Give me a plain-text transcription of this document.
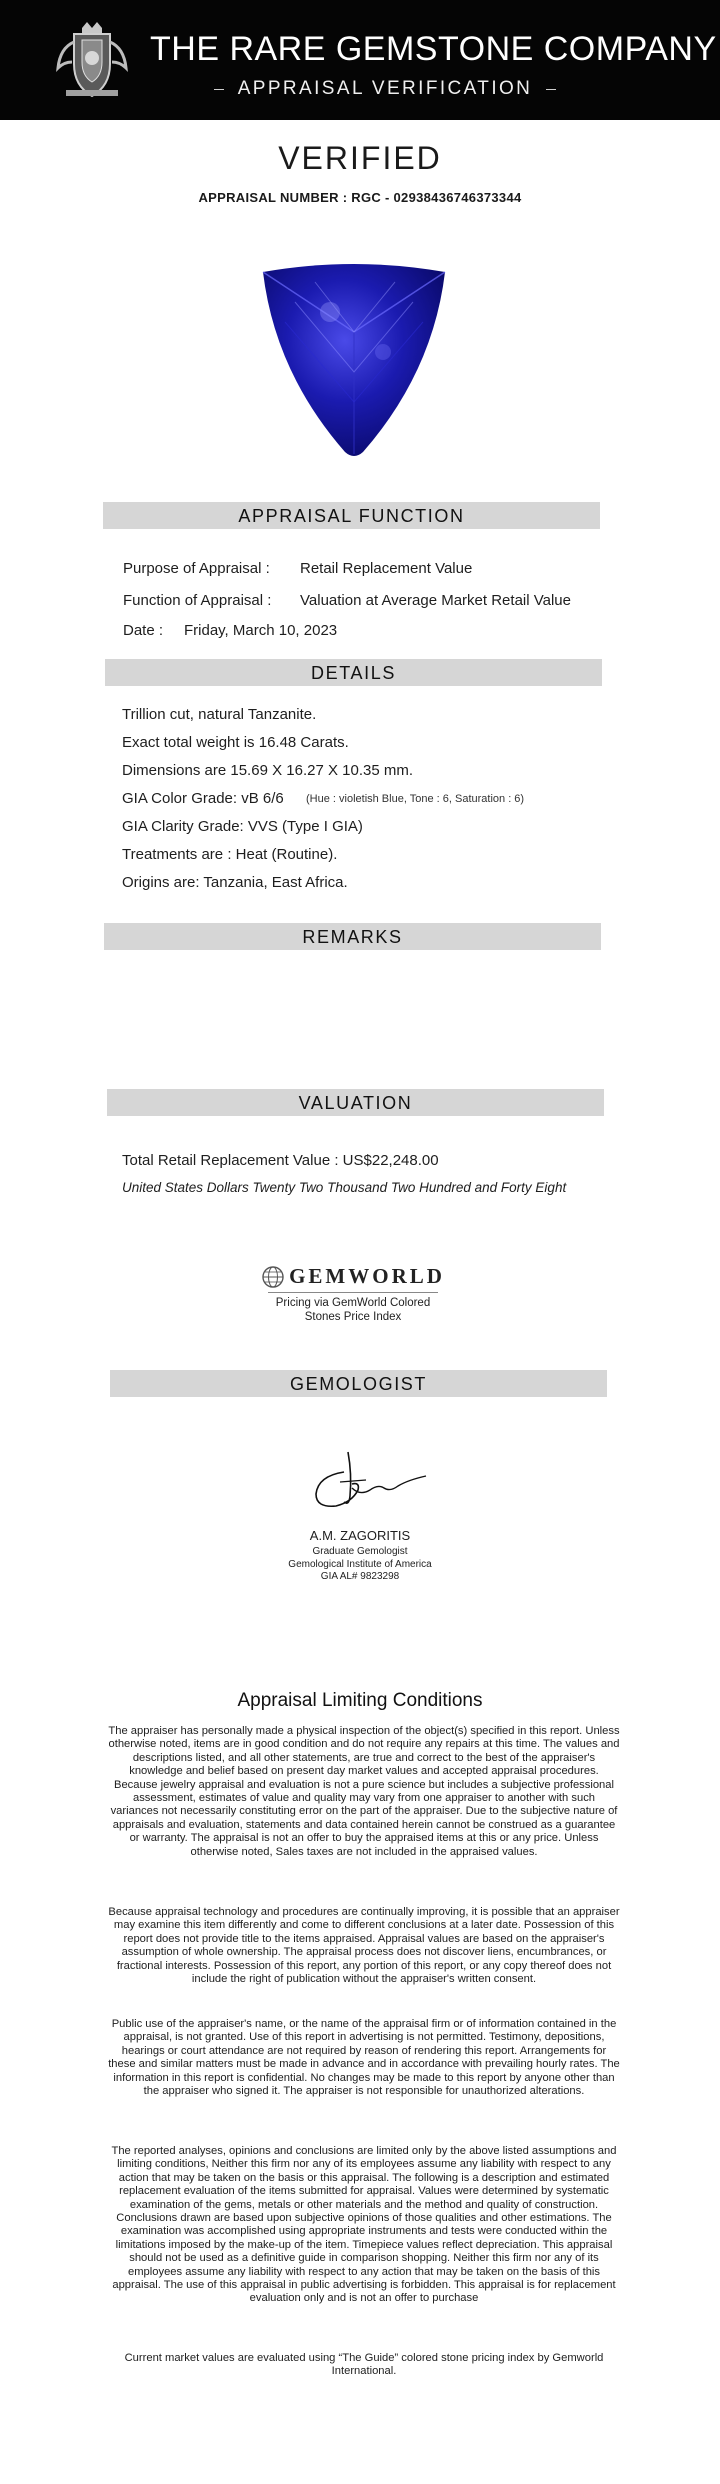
THE RARE GEMSTONE COMPANY
APPRAISAL VERIFICATION
VERIFIED
APPRAISAL NUMBER : RGC - 02938436746373344
APPRAISAL FUNCTION
Purpose of Appraisal : Retail Replacement Value
Function of Appraisal : Valuation at Average Market Retail Value
Date : Friday, March 10, 2023
DETAILS
Trillion cut, natural Tanzanite.
Exact total weight is 16.48 Carats.
Dimensions are 15.69 X 16.27 X 10.35 mm.
GIA Color Grade: vB 6/6 (Hue : violetish Blue, Tone : 6, Saturation : 6)
GIA Clarity Grade: VVS (Type I GIA)
Treatments are : Heat (Routine).
Origins are: Tanzania, East Africa.
REMARKS
VALUATION
Total Retail Replacement Value : US$22,248.00
United States Dollars Twenty Two Thousand Two Hundred and Forty Eight
GEMWORLD
Pricing via GemWorld Colored
Stones Price Index
GEMOLOGIST
A.M. ZAGORITIS
Graduate Gemologist
Gemological Institute of America
GIA AL# 9823298
Appraisal Limiting Conditions
The appraiser has personally made a physical inspection of the object(s) specified in this report. Unless otherwise noted, items are in good condition and do not require any repairs at this time. The values and descriptions listed, and all other statements, are true and correct to the best of the appraiser's knowledge and belief based on present day market values and accepted appraisal procedures. Because jewelry appraisal and evaluation is not a pure science but includes a subjective professional assessment, estimates of value and quality may vary from one appraiser to another with such variances not necessarily constituting error on the part of the appraiser. Due to the subjective nature of appraisals and evaluation, statements and data contained herein cannot be construed as a guarantee or warranty. The appraisal is not an offer to buy the appraised items at this or any price. Unless otherwise noted, Sales taxes are not included in the appraised values.
Because appraisal technology and procedures are continually improving, it is possible that an appraiser may examine this item differently and come to different conclusions at a later date. Possession of this report does not provide title to the items appraised. Appraisal values are based on the appraiser's assumption of whole ownership. The appraisal process does not discover liens, encumbrances, or fractional interests. Possession of this report, any portion of this report, or any copy thereof does not include the right of publication without the appraiser's written consent.
Public use of the appraiser's name, or the name of the appraisal firm or of information contained in the appraisal, is not granted. Use of this report in advertising is not permitted. Testimony, depositions, hearings or court attendance are not required by reason of rendering this report. Arrangements for these and similar matters must be made in advance and in accordance with prevailing hourly rates. The information in this report is confidential. No changes may be made to this report by anyone other than the appraiser who signed it. The appraiser is not responsible for unauthorized alterations.
The reported analyses, opinions and conclusions are limited only by the above listed assumptions and limiting conditions, Neither this firm nor any of its employees assume any liability with respect to any action that may be taken on the basis or this appraisal. The following is a description and estimated replacement evaluation of the items submitted for appraisal. Values were determined by systematic examination of the gems, metals or other materials and the method and quality of construction. Conclusions drawn are based upon subjective opinions of those qualities and other estimations. The examination was accomplished using appropriate instruments and tests were conducted within the limitations imposed by the make-up of the item. Timepiece values reflect depreciation. This appraisal should not be used as a definitive guide in comparison shopping. Neither this firm nor any of its employees assume any liability with respect to any action that may be taken on the basis of this appraisal. The use of this appraisal in public advertising is forbidden. This appraisal is for replacement evaluation only and is not an offer to purchase
Current market values are evaluated using “The Guide” colored stone pricing index by Gemworld International.
